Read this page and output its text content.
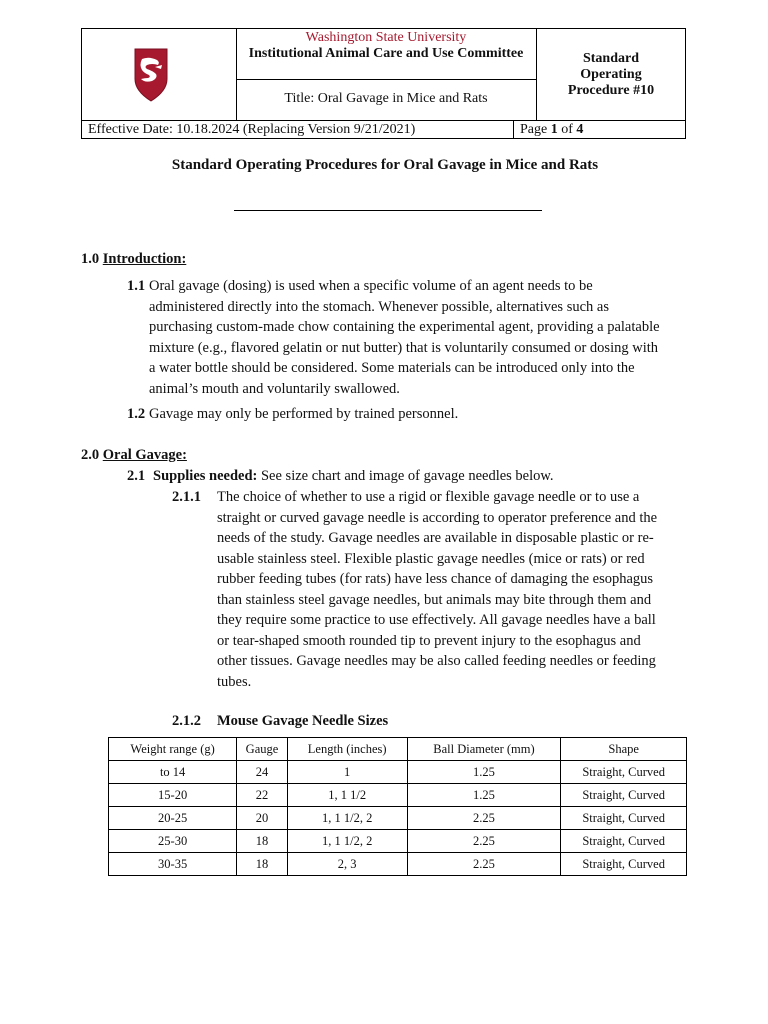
Washington State University
Institutional Animal Care and Use Committee
Title: Oral Gavage in Mice and Rats
Standard Operating Procedure #10
Effective Date: 10.18.2024 (Replacing Version 9/21/2021)	Page 1 of 4
Standard Operating Procedures for Oral Gavage in Mice and Rats
1.0 Introduction:
1.1 Oral gavage (dosing) is used when a specific volume of an agent needs to be
administered directly into the stomach. Whenever possible, alternatives such as
purchasing custom-made chow containing the experimental agent, providing a palatable
mixture (e.g., flavored gelatin or nut butter) that is voluntarily consumed or dosing with
a water bottle should be considered. Some materials can be introduced only into the
animal’s mouth and voluntarily swallowed.
1.2 Gavage may only be performed by trained personnel.
2.0 Oral Gavage:
2.1 Supplies needed: See size chart and image of gavage needles below.
2.1.1 The choice of whether to use a rigid or flexible gavage needle or to use a
straight or curved gavage needle is according to operator preference and the
needs of the study. Gavage needles are available in disposable plastic or re-
usable stainless steel. Flexible plastic gavage needles (mice or rats) or red
rubber feeding tubes (for rats) have less chance of damaging the esophagus
than stainless steel gavage needles, but animals may bite through them and
they require some practice to use effectively. All gavage needles have a ball
or tear-shaped smooth rounded tip to prevent injury to the esophagus and
other tissues. Gavage needles may be also called feeding needles or feeding
tubes.
2.1.2 Mouse Gavage Needle Sizes
Weight range (g)	Gauge	Length (inches)	Ball Diameter (mm)	Shape
to 14	24	1	1.25	Straight, Curved
15-20	22	1, 1 1/2	1.25	Straight, Curved
20-25	20	1, 1 1/2, 2	2.25	Straight, Curved
25-30	18	1, 1 1/2, 2	2.25	Straight, Curved
30-35	18	2, 3	2.25	Straight, Curved
